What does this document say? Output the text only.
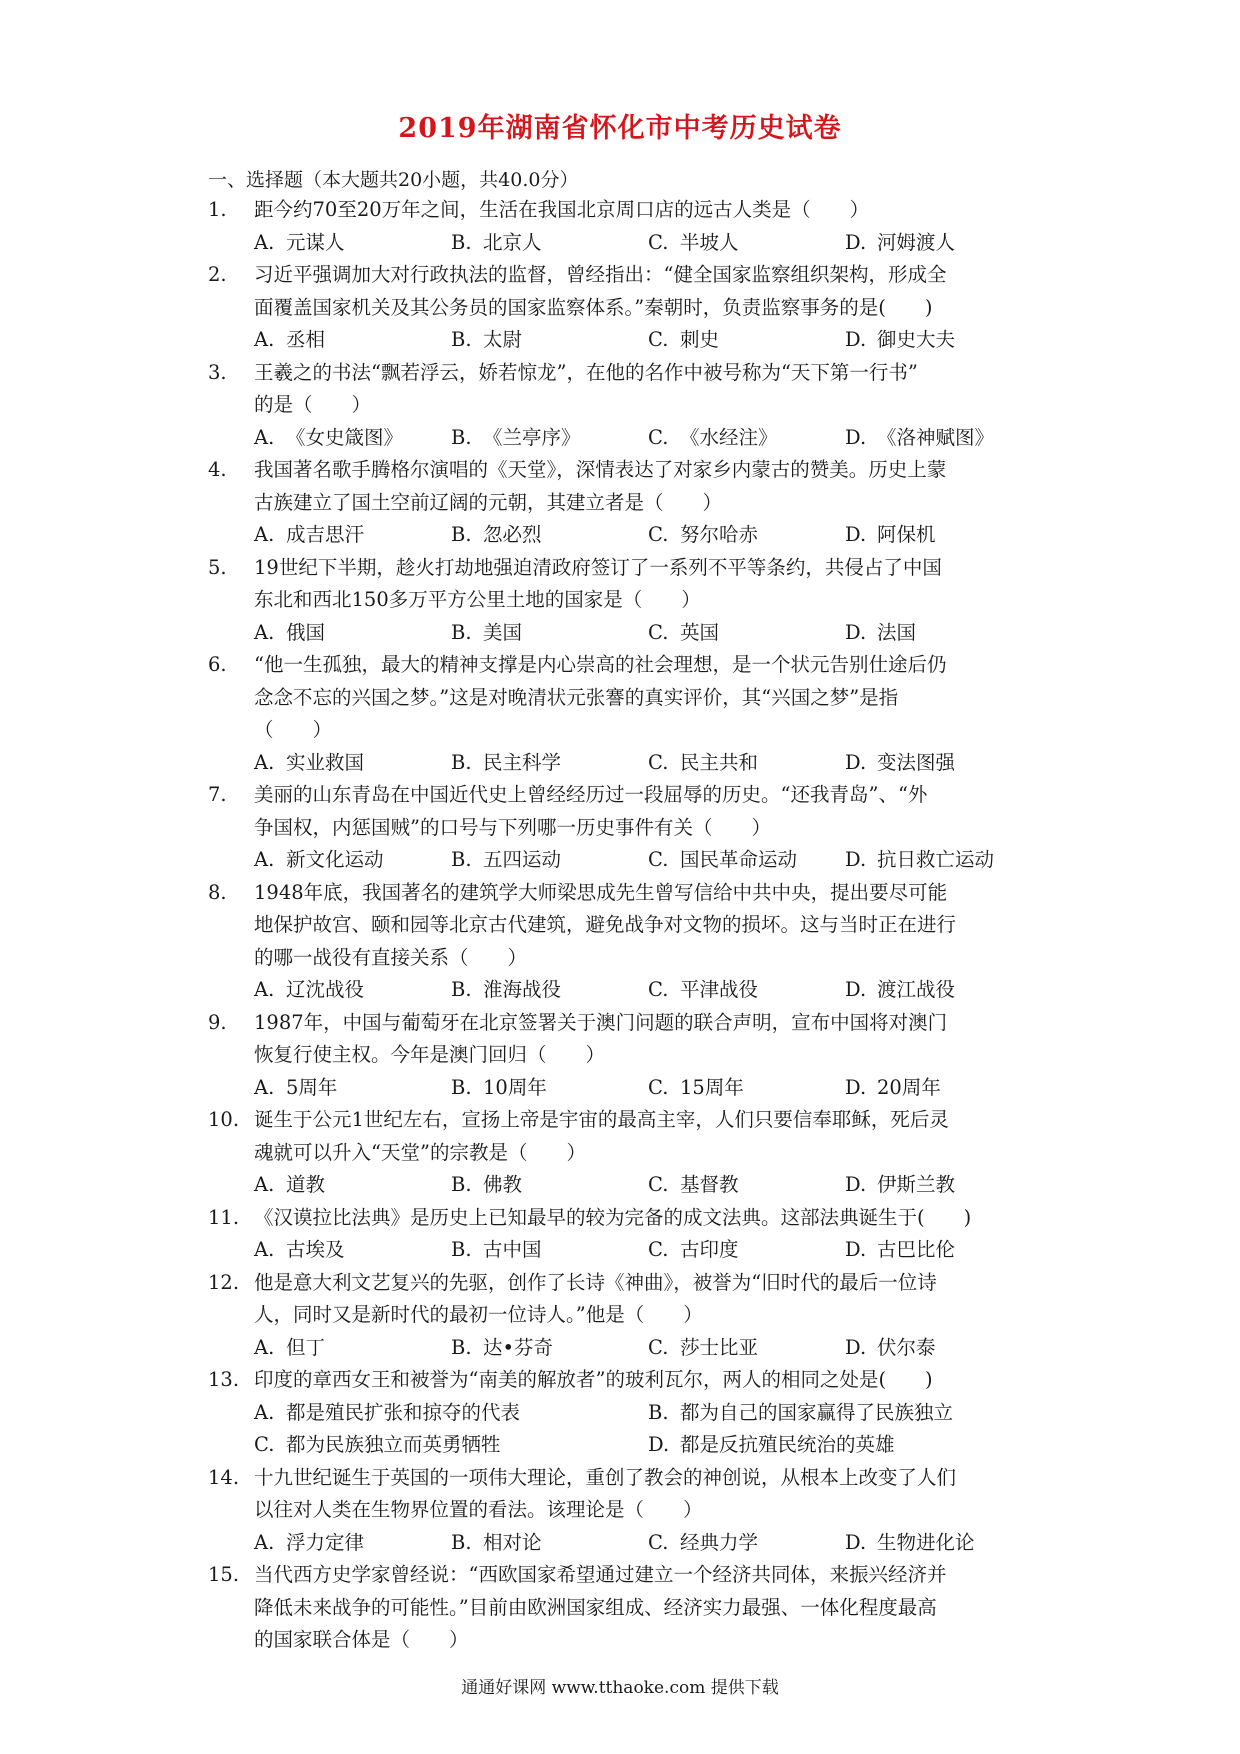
2019年湖南省怀化市中考历史试卷
一、选择题（本大题共20小题，共40.0分）
1. 距今约70至20万年之间，生活在我国北京周口店的远古人类是（　　）
A. 元谋人	B. 北京人	C. 半坡人	D. 河姆渡人
2. 习近平强调加大对行政执法的监督，曾经指出：“健全国家监察组织架构，形成全
面覆盖国家机关及其公务员的国家监察体系。”秦朝时，负责监察事务的是(　　)
A. 丞相	B. 太尉	C. 刺史	D. 御史大夫
3. 王羲之的书法“飘若浮云，娇若惊龙”，在他的名作中被号称为“天下第一行书”
的是（　　）
A. 《女史箴图》	B. 《兰亭序》	C. 《水经注》	D. 《洛神赋图》
4. 我国著名歌手腾格尔演唱的《天堂》，深情表达了对家乡内蒙古的赞美。历史上蒙
古族建立了国土空前辽阔的元朝，其建立者是（　　）
A. 成吉思汗	B. 忽必烈	C. 努尔哈赤	D. 阿保机
5. 19世纪下半期，趁火打劫地强迫清政府签订了一系列不平等条约，共侵占了中国
东北和西北150多万平方公里土地的国家是（　　）
A. 俄国	B. 美国	C. 英国	D. 法国
6. “他一生孤独，最大的精神支撑是内心崇高的社会理想，是一个状元告别仕途后仍
念念不忘的兴国之梦。”这是对晚清状元张謇的真实评价，其“兴国之梦”是指
（　　）
A. 实业救国	B. 民主科学	C. 民主共和	D. 变法图强
7. 美丽的山东青岛在中国近代史上曾经经历过一段屈辱的历史。“还我青岛”、“外
争国权，内惩国贼”的口号与下列哪一历史事件有关（　　）
A. 新文化运动	B. 五四运动	C. 国民革命运动	D. 抗日救亡运动
8. 1948年底，我国著名的建筑学大师梁思成先生曾写信给中共中央，提出要尽可能
地保护故宫、颐和园等北京古代建筑，避免战争对文物的损坏。这与当时正在进行
的哪一战役有直接关系（　　）
A. 辽沈战役	B. 淮海战役	C. 平津战役	D. 渡江战役
9. 1987年，中国与葡萄牙在北京签署关于澳门问题的联合声明，宣布中国将对澳门
恢复行使主权。今年是澳门回归（　　）
A. 5周年	B. 10周年	C. 15周年	D. 20周年
10. 诞生于公元1世纪左右，宣扬上帝是宇宙的最高主宰，人们只要信奉耶稣，死后灵
魂就可以升入“天堂”的宗教是（　　）
A. 道教	B. 佛教	C. 基督教	D. 伊斯兰教
11. 《汉谟拉比法典》是历史上已知最早的较为完备的成文法典。这部法典诞生于(　　)
A. 古埃及	B. 古中国	C. 古印度	D. 古巴比伦
12. 他是意大利文艺复兴的先驱，创作了长诗《神曲》，被誉为“旧时代的最后一位诗
人，同时又是新时代的最初一位诗人。”他是（　　）
A. 但丁	B. 达•芬奇	C. 莎士比亚	D. 伏尔泰
13. 印度的章西女王和被誉为“南美的解放者”的玻利瓦尔，两人的相同之处是(　　)
A. 都是殖民扩张和掠夺的代表	B. 都为自己的国家赢得了民族独立
C. 都为民族独立而英勇牺牲	D. 都是反抗殖民统治的英雄
14. 十九世纪诞生于英国的一项伟大理论，重创了教会的神创说，从根本上改变了人们
以往对人类在生物界位置的看法。该理论是（　　）
A. 浮力定律	B. 相对论	C. 经典力学	D. 生物进化论
15. 当代西方史学家曾经说：“西欧国家希望通过建立一个经济共同体，来振兴经济并
降低未来战争的可能性。”目前由欧洲国家组成、经济实力最强、一体化程度最高
的国家联合体是（　　）
通通好课网 www.tthaoke.com 提供下载
